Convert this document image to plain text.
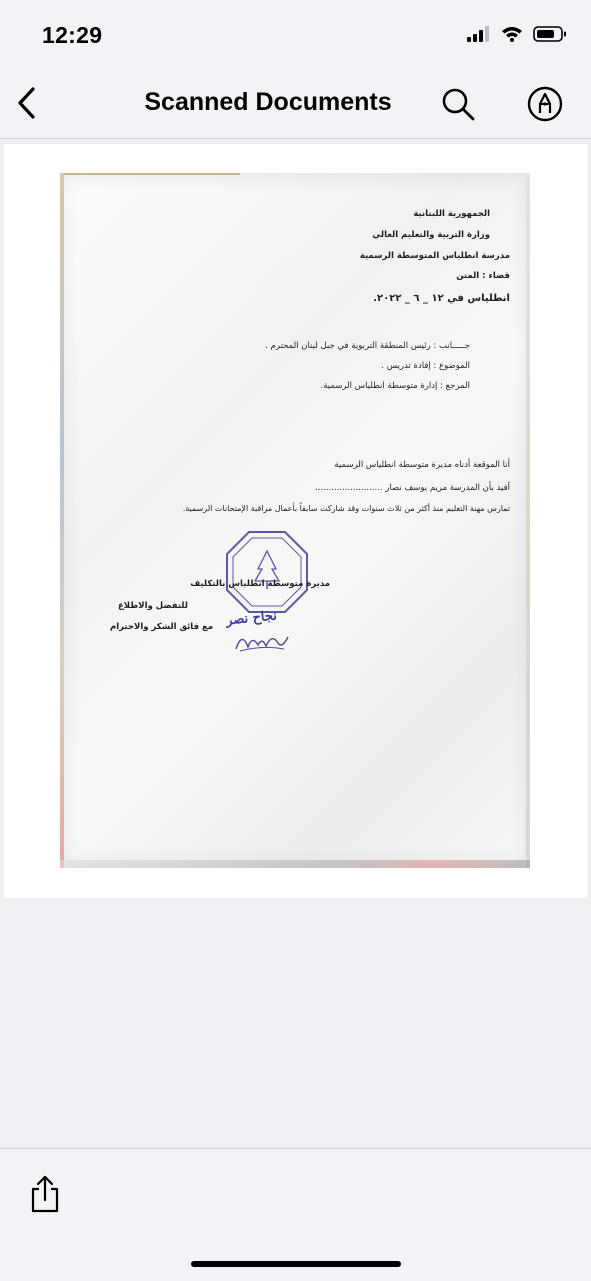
12:29
Scanned Documents
الجمهورية اللبنانية
وزارة التربية والتعليم العالي
مدرسة انطلياس المتوسطة الرسمية
قضاء : المتن
انطلياس في ١٢ _ ٦ _ ٢٠٢٢.
جـــــانب : رئيس المنطقة التربوية في جبل لبنان المحترم .
الموضوع : إفادة تدريس .
المرجع : إدارة متوسطة انطلياس الرسمية.
أنا الموقعة أدناه مديرة متوسطة انطلياس الرسمية
أفيد بأن المدرسة مريم يوسف نصار .........................
تمارس مهنة التعليم منذ أكثر من ثلاث سنوات وقد شاركت سابقاً بأعمال مراقبة الإمتحانات الرسمية.
مديرة متوسطة انطلياس بالتكليف
نجاح نصر
للتفضل والاطلاع
مع فائق الشكر والاحترام
